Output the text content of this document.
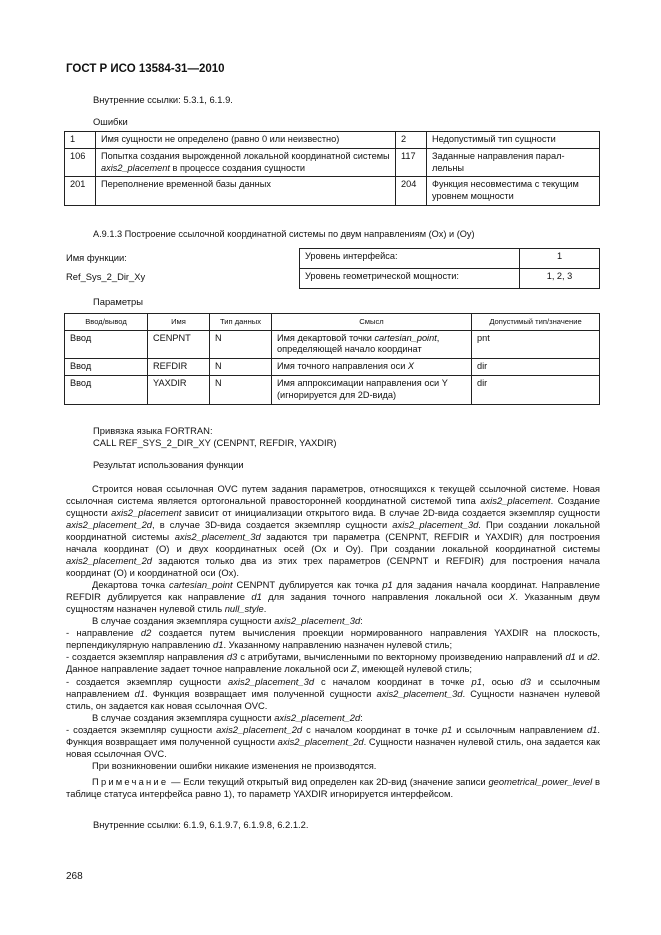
ГОСТ Р ИСО 13584-31—2010
Внутренние ссылки: 5.3.1, 6.1.9.
Ошибки
1	Имя сущности не определено (равно 0 или неизвестно)	2	Недопустимый тип сущности
106	Попытка создания вырожденной локальной координатной системы axis2_placement в процессе создания сущности	117	Заданные направления парал-лельны
201	Переполнение временной базы данных	204	Функция несовместима с текущим уровнем мощности
A.9.1.3 Построение ссылочной координатной системы по двум направлениям (Ox) и (Oy)
Имя функции:
Ref_Sys_2_Dir_Xy
Уровень интерфейса:	1
Уровень геометрической мощности:	1, 2, 3
Параметры
Ввод/вывод	Имя	Тип данных	Смысл	Допустимый тип/значение
Ввод	CENPNT	N	Имя декартовой точки cartesian_point, определяющей начало координат	pnt
Ввод	REFDIR	N	Имя точного направления оси X	dir
Ввод	YAXDIR	N	Имя аппроксимации направления оси Y (игнорируется для 2D-вида)	dir
Привязка языка FORTRAN:
CALL REF_SYS_2_DIR_XY (CENPNT, REFDIR, YAXDIR)
Результат использования функции

Строится новая ссылочная OVC путем задания параметров, относящихся к текущей ссылочной системе. Новая ссылочная система является ортогональной правосторонней координатной системой типа axis2_placement. Создание сущности axis2_placement зависит от инициализации открытого вида. В случае 2D-вида создается экземпляр сущности axis2_placement_2d, в случае 3D-вида создается экземпляр сущности axis2_placement_3d. При создании локальной координатной системы axis2_placement_3d задаются три параметра (CENPNT, REFDIR и YAXDIR) для построения начала координат (О) и двух координатных осей (Ox и Oy). При создании локальной координатной системы axis2_placement_2d задаются только два из этих трех параметров (CENPNT и REFDIR) для построения начала координат (О) и координатной оси (Ox).

Декартова точка cartesian_point CENPNT дублируется как точка p1 для задания начала координат. Направление REFDIR дублируется как направление d1 для задания точного направления локальной оси X. Указанным двум сущностям назначен нулевой стиль null_style.

В случае создания экземпляра сущности axis2_placement_3d:

- направление d2 создается путем вычисления проекции нормированного направления YAXDIR на плоскость, перпендикулярную направлению d1. Указанному направлению назначен нулевой стиль;

- создается экземпляр направления d3 с атрибутами, вычисленными по векторному произведению направлений d1 и d2. Данное направление задает точное направление локальной оси Z, имеющей нулевой стиль;

- создается экземпляр сущности axis2_placement_3d с началом координат в точке p1, осью d3 и ссылочным направлением d1. Функция возвращает имя полученной сущности axis2_placement_3d. Сущности назначен нулевой стиль, он задается как новая ссылочная OVC.

В случае создания экземпляра сущности axis2_placement_2d:

- создается экземпляр сущности axis2_placement_2d с началом координат в точке p1 и ссылочным направлением d1. Функция возвращает имя полученной сущности axis2_placement_2d. Сущности назначен нулевой стиль, она задается как новая ссылочная OVC.

При возникновении ошибки никакие изменения не производятся.

Примечание — Если текущий открытый вид определен как 2D-вид (значение записи geometrical_power_level в таблице статуса интерфейса равно 1), то параметр YAXDIR игнорируется интерфейсом.
Внутренние ссылки: 6.1.9, 6.1.9.7, 6.1.9.8, 6.2.1.2.
268
